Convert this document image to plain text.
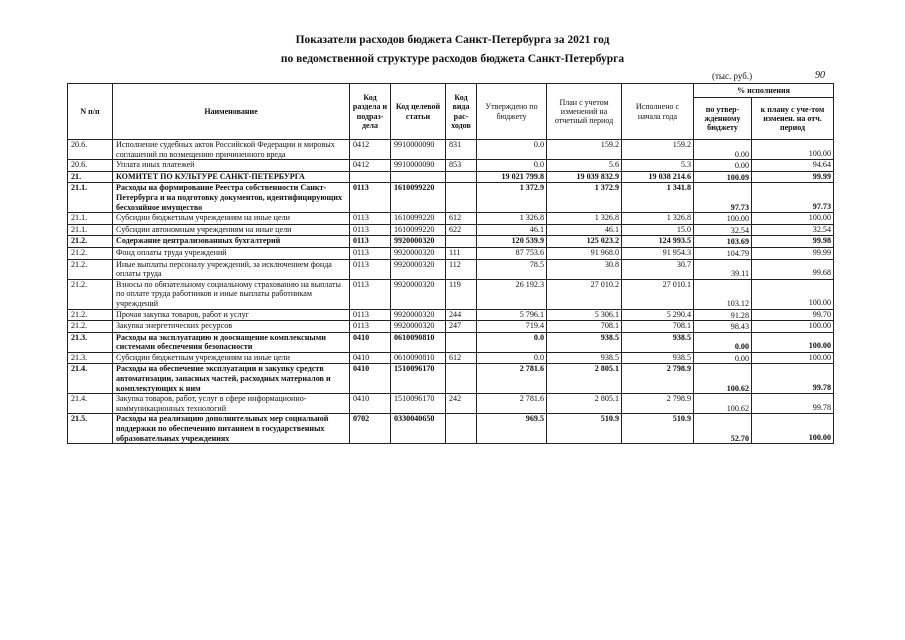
Показатели расходов бюджета Санкт-Петербурга за 2021 год
по ведомственной структуре расходов бюджета Санкт-Петербурга
(тыс. руб.)	90
N п/п	Наименование	Код раздела и подраз-дела	Код целевой статьи	Код вида рас-ходов	Утверждено по бюджету	План с учетом изменений на отчетный период	Исполнено с начала года	% исполнения	
								по утвер-жденному бюджету	к плану с уче-том изменен. на отч. период
20.6.	Исполнение судебных актов Российской Федерации и мировых соглашений по возмещению причиненного вреда	0412	9910000090	831	0.0	159.2	159.2	0.00	100.00
20.6.	Уплата иных платежей	0412	9910000090	853	0.0	5.6	5.3	0.00	94.64
21.	КОМИТЕТ ПО КУЛЬТУРЕ САНКТ-ПЕТЕРБУРГА				19 021 799.8	19 039 832.9	19 038 214.6	100.09	99.99
21.1.	Расходы на формирование Реестра собственности Санкт-Петербурга и на подготовку документов, идентифицирующих бесхозяйное имущество	0113	1610099220		1 372.9	1 372.9	1 341.8	97.73	97.73
21.1.	Субсидии бюджетным учреждениям на иные цели	0113	1610099220	612	1 326.8	1 326.8	1 326.8	100.00	100.00
21.1.	Субсидии автономным учреждениям на иные цели	0113	1610099220	622	46.1	46.1	15.0	32.54	32.54
21.2.	Содержание централизованных бухгалтерий	0113	9920000320		120 539.9	125 023.2	124 993.5	103.69	99.98
21.2.	Фонд оплаты труда учреждений	0113	9920000320	111	87 753.6	91 968.0	91 954.3	104.79	99.99
21.2.	Иные выплаты персоналу учреждений, за исключением фонда оплаты труда	0113	9920000320	112	78.5	30.8	30.7	39.11	99.68
21.2.	Взносы по обязательному социальному страхованию на выплаты по оплате труда работников и иные выплаты работникам учреждений	0113	9920000320	119	26 192.3	27 010.2	27 010.1	103.12	100.00
21.2.	Прочая закупка товаров, работ и услуг	0113	9920000320	244	5 796.1	5 306.1	5 290.4	91.28	99.70
21.2.	Закупка энергетических ресурсов	0113	9920000320	247	719.4	708.1	708.1	98.43	100.00
21.3.	Расходы на эксплуатацию и дооснащение комплексными системами обеспечения безопасности	0410	0610090810		0.0	938.5	938.5	0.00	100.00
21.3.	Субсидии бюджетным учреждениям на иные цели	0410	0610090810	612	0.0	938.5	938.5	0.00	100.00
21.4.	Расходы на обеспечение эксплуатации и закупку средств автоматизации, запасных частей, расходных материалов и комплектующих к ним	0410	1510096170		2 781.6	2 805.1	2 798.9	100.62	99.78
21.4.	Закупка товаров, работ, услуг в сфере информационно-коммуникационных технологий	0410	1510096170	242	2 781.6	2 805.1	2 798.9	100.62	99.78
21.5.	Расходы на реализацию дополнительных мер социальной поддержки по обеспечению питанием в государственных образовательных учреждениях	0702	0330040650		969.5	510.9	510.9	52.70	100.00
